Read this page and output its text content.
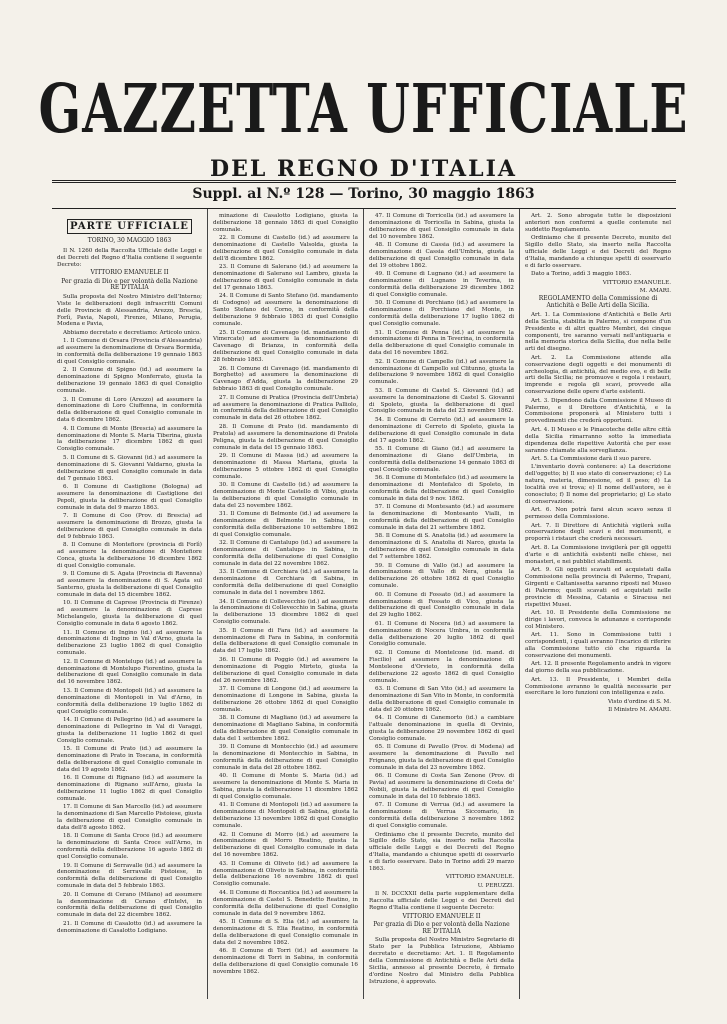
GAZZETTA UFFICIALE
DEL REGNO D'ITALIA
Suppl. al N.º 128 — Torino, 30 maggio 1863
PARTE UFFICIALE
TORINO, 30 MAGGIO 1863

Il N. 1260 della Raccolta Ufficiale delle Leggi e dei Decreti del Regno d'Italia contiene il seguente Decreto:

VITTORIO EMANUELE II

Per grazia di Dio e per volontà della Nazione RE D'ITALIA

Sulla proposta del Nostro Ministro dell'Interno; Viste le deliberazioni degli infrascritti Comuni delle Provincie di Alessandria, Arezzo, Brescia, Forlì, Pavia, Napoli, Firenze, Milano, Perugia, Modena e Pavia,

Abbiamo decretato e decretiamo: Articolo unico.

1. Il Comune di Orsara (Provincia d'Alessandria) ad assumere la denominazione di Orsara Bormida, in conformità della deliberazione 19 gennaio 1863 di quel Consiglio comunale.

2. Il Comune di Spigno (id.) ad assumere la denominazione di Spigno Monferrato, giusta la deliberazione 19 gennaio 1863 di quel Consiglio comunale.

3. Il Comune di Loro (Arezzo) ad assumere la denominazione di Loro Ciuffenna, in conformità della deliberazione di quel Consiglio comunale in data 6 dicembre 1862.

4. Il Comune di Monte (Brescia) ad assumere la denominazione di Monte S. Maria Tiberina, giusta la deliberazione 17 dicembre 1862 di quel Consiglio comunale.

5. Il Comune di S. Giovanni (id.) ad assumere la denominazione di S. Giovanni Valdarno, giusta la deliberazione di quel Consiglio comunale in data del 7 gennaio 1863.

6. Il Comune di Castiglione (Bologna) ad assumere la denominazione di Castiglione dei Pepoli, giusta la deliberazione di quel Consiglio comunale in data del 9 marzo 1863.

7. Il Comune di Coo (Prov. di Brescia) ad assumere la denominazione di Brozzo, giusta la deliberazione di quel Consiglio comunale in data del 9 febbraio 1863.

8. Il Comune di Montefiore (provincia di Forlì) ad assumere la denominazione di Montefiore Conca, giusta la deliberazione 16 dicembre 1862 di quel Consiglio comunale.

9. Il Comune di S. Agata (Provincia di Ravenna) ad assumere la denominazione di S. Agata sul Santerno, giusta la deliberazione di quel Consiglio comunale in data del 15 dicembre 1862.

10. Il Comune di Caprese (Provincia di Firenze) ad assumere la denominazione di Caprese Michelangelo, giusta la deliberazione di quel Consiglio comunale in data 6 agosto 1862.

11. Il Comune di Ingino (id.) ad assumere la denominazione di Ingino in Val d'Arno, giusta la deliberazione 23 luglio 1862 di quel Consiglio comunale.

12. Il Comune di Montelupo (id.) ad assumere la denominazione di Montelupo Fiorentino, giusta la deliberazione di quel Consiglio comunale in data del 16 novembre 1862.

13. Il Comune di Montopoli (id.) ad assumere la denominazione di Montopoli in Val d'Arno, in conformità della deliberazione 19 luglio 1862 di quel Consiglio comunale.

14. Il Comune di Pellegrino (id.) ad assumere la denominazione di Pellegrino in Val di Varaggi, giusta la deliberazione 11 luglio 1862 di quel Consiglio comunale.

15. Il Comune di Prato (id.) ad assumere la denominazione di Prato in Toscana, in conformità della deliberazione di quel Consiglio comunale in data del 19 agosto 1862.

16. Il Comune di Rignano (id.) ad assumere la denominazione di Rignano sull'Arno, giusta la deliberazione 11 luglio 1862 di quel Consiglio comunale.

17. Il Comune di San Marcello (id.) ad assumere la denominazione di San Marcello Pistoiese, giusta la deliberazione di quel Consiglio comunale in data dell'8 agosto 1862.

18. Il Comune di Santa Croce (id.) ad assumere la denominazione di Santa Croce sull'Arno, in conformità della deliberazione 16 agosto 1862 di quel Consiglio comunale.

19. Il Comune di Serravalle (id.) ad assumere la denominazione di Serravalle Pistoiese, in conformità della deliberazione di quel Consiglio comunale in data del 5 febbraio 1863.

20. Il Comune di Cerano (Milano) ad assumere la denominazione di Cerano d'Intelvi, in conformità della deliberazione di quel Consiglio comunale in data del 22 dicembre 1862.

21. Il Comune di Casalotto (id.) ad assumere la denominazione di Casalotto Lodigiano.

minazione di Casalotto Lodigiano, giusta la deliberazione 18 gennaio 1863 di quel Consiglio comunale.

22. Il Comune di Castello (id.) ad assumere la denominazione di Castello Valsolda, giusta la deliberazione di quel Consiglio comunale in data dell'8 dicembre 1862.

23. Il Comune di Salerano (id.) ad assumere la denominazione di Salerano sul Lambro, giusta la deliberazione di quel Consiglio comunale in data del 17 gennaio 1863.

24. Il Comune di Santo Stefano (id. mandamento di Codogno) ad assumere la denominazione di Santo Stefano del Corno, in conformità della deliberazione 9 febbraio 1863 di quel Consiglio comunale.

25. Il Comune di Cavenago (id. mandamento di Vimercate) ad assumere la denominazione di Cavenago di Brianza, in conformità della deliberazione di quel Consiglio comunale in data 28 febbraio 1863.

26. Il Comune di Cavenago (id. mandamento di Borghetto) ad assumere la denominazione di Cavenago d'Adda, giusta la deliberazione 29 febbraio 1863 di quel Consiglio comunale.

27. Il Comune di Pratica (Provincia dell'Umbria) ad assumere la denominazione di Pratica Palliolo, in conformità della deliberazione di quel Consiglio comunale in data del 26 ottobre 1862.

28. Il Comune di Prato (id. mandamento di Pratola) ad assumere la denominazione di Pratola Peligna, giusta la deliberazione di quel Consiglio comunale in data del 15 gennaio 1863.

29. Il Comune di Massa (id.) ad assumere la denominazione di Massa Martana, giusta la deliberazione 5 ottobre 1862 di quel Consiglio comunale.

30. Il Comune di Castello (id.) ad assumere la denominazione di Monte Castello di Vibio, giusta la deliberazione di quel Consiglio comunale in data del 23 novembre 1862.

31. Il Comune di Belmonte (id.) ad assumere la denominazione di Belmonte in Sabina, in conformità della deliberazione 10 settembre 1862 di quel Consiglio comunale.

32. Il Comune di Cantalupo (id.) ad assumere la denominazione di Cantalupo in Sabina, in conformità della deliberazione di quel Consiglio comunale in data del 22 novembre 1862.

33. Il Comune di Cerchiara (id.) ad assumere la denominazione di Cerchiara di Sabina, in conformità della deliberazione di quel Consiglio comunale in data del 1 novembre 1862.

34. Il Comune di Collevecchio (id.) ad assumere la denominazione di Collevecchio in Sabina, giusta la deliberazione 15 dicembre 1862 di quel Consiglio comunale.

35. Il Comune di Fara (id.) ad assumere la denominazione di Fara in Sabina, in conformità della deliberazione di quel Consiglio comunale in data del 17 luglio 1862.

36. Il Comune di Poggio (id.) ad assumere la denominazione di Poggio Mirteto, giusta la deliberazione di quel Consiglio comunale in data del 26 novembre 1862.

37. Il Comune di Longone (id.) ad assumere la denominazione di Longone in Sabina, giusta la deliberazione 26 ottobre 1862 di quel Consiglio comunale.

38. Il Comune di Magliano (id.) ad assumere la denominazione di Magliano Sabina, in conformità della deliberazione di quel Consiglio comunale in data del 1 settembre 1862.

39. Il Comune di Montecchio (id.) ad assumere la denominazione di Montecchio in Sabina, in conformità della deliberazione di quel Consiglio comunale in data del 28 ottobre 1862.

40. Il Comune di Monte S. Maria (id.) ad assumere la denominazione di Monte S. Maria in Sabina, giusta la deliberazione 11 dicembre 1862 di quel Consiglio comunale.

41. Il Comune di Montopoli (id.) ad assumere la denominazione di Montopoli di Sabina, giusta la deliberazione 13 novembre 1862 di quel Consiglio comunale.

42. Il Comune di Morro (id.) ad assumere la denominazione di Morro Reatino, giusta la deliberazione di quel Consiglio comunale in data del 16 novembre 1862.

43. Il Comune di Oliveto (id.) ad assumere la denominazione di Oliveto in Sabina, in conformità della deliberazione 16 novembre 1862 di quel Consiglio comunale.

44. Il Comune di Roccantica (id.) ad assumere la denominazione di Castel S. Benedetto Reatino, in conformità della deliberazione di quel Consiglio comunale in data del 9 novembre 1862.

45. Il Comune di S. Elia (id.) ad assumere la denominazione di S. Elia Reatino, in conformità della deliberazione di quel Consiglio comunale in data del 2 novembre 1862.

46. Il Comune di Torri (id.) ad assumere la denominazione di Torri in Sabina, in conformità della deliberazione di quel Consiglio comunale 16 novembre 1862.

47. Il Comune di Torricella (id.) ad assumere la denominazione di Torricella in Sabina, giusta la deliberazione di quel Consiglio comunale in data del 10 novembre 1862.

48. Il Comune di Cassia (id.) ad assumere la denominazione di Cassia dell'Umbria, giusta la deliberazione di quel Consiglio comunale in data del 19 ottobre 1862.

49. Il Comune di Lugnano (id.) ad assumere la denominazione di Lugnano in Teverina, in conformità della deliberazione 29 dicembre 1862 di quel Consiglio comunale.

50. Il Comune di Porchiano (id.) ad assumere la denominazione di Porchiano del Monte, in conformità della deliberazione 17 luglio 1862 di quel Consiglio comunale.

51. Il Comune di Penna (id.) ad assumere la denominazione di Penna in Teverina, in conformità della deliberazione di quel Consiglio comunale in data del 16 novembre 1862.

52. Il Comune di Campello (id.) ad assumere la denominazione di Campello sul Clitunno, giusta la deliberazione 9 novembre 1862 di quel Consiglio comunale.

53. Il Comune di Castel S. Giovanni (id.) ad assumere la denominazione di Castel S. Giovanni di Spoleto, giusta la deliberazione di quel Consiglio comunale in data del 23 novembre 1862.

54. Il Comune di Cerreto (id.) ad assumere la denominazione di Cerreto di Spoleto, giusta la deliberazione di quel Consiglio comunale in data del 17 agosto 1862.

55. Il Comune di Giano (id.) ad assumere la denominazione di Giano dell'Umbria, in conformità della deliberazione 14 gennaio 1863 di quel Consiglio comunale.

56. Il Comune di Montefalco (id.) ad assumere la denominazione di Montefalco di Spoleto, in conformità della deliberazione di quel Consiglio comunale in data del 9 nov. 1862.

57. Il Comune di Montesanto (id.) ad assumere la denominazione di Montesanto Vialli, in conformità della deliberazione di quel Consiglio comunale in data del 21 settembre 1862.

58. Il Comune di S. Anatolia (id.) ad assumere la denominazione di S. Anatolia di Narco, giusta la deliberazione di quel Consiglio comunale in data del 7 settembre 1862.

59. Il Comune di Vallo (id.) ad assumere la denominazione di Vallo di Nera, giusta la deliberazione 26 ottobre 1862 di quel Consiglio comunale.

60. Il Comune di Fossato (id.) ad assumere la denominazione di Fossato di Vico, giusta la deliberazione di quel Consiglio comunale in data del 29 luglio 1862.

61. Il Comune di Nocera (id.) ad assumere la denominazione di Nocera Umbra, in conformità della deliberazione 20 luglio 1862 di quel Consiglio comunale.

62. Il Comune di Montelcone (id. mand. di Fiscilio) ad assumere la denominazione di Monteleone d'Orvieto, in conformità della deliberazione 22 agosto 1862 di quel Consiglio comunale.

63. Il Comune di San Vito (id.) ad assumere la denominazione di San Vito in Monte, in conformità della deliberazione di quel Consiglio comunale in data del 20 ottobre 1862.

64. Il Comune di Canemorto (id.) a cambiare l'attuale denominazione in quella di Orvinio, giusta la deliberazione 29 novembre 1862 di quel Consiglio comunale.

65. Il Comune di Pavullo (Prov. di Modena) ad assumere la denominazione di Pavullo nel Frignano, giusta la deliberazione di quel Consiglio comunale in data del 23 novembre 1862.

66. Il Comune di Costa San Zenone (Prov. di Pavia) ad assumere la denominazione di Costa de' Nobili, giusta la deliberazione di quel Consiglio comunale in data del 10 febbraio 1863.

67. Il Comune di Verrua (id.) ad assumere la denominazione di Verrua Siccomario, in conformità della deliberazione 3 novembre 1862 di quel Consiglio comunale.

Ordiniamo che il presente Decreto, munito del Sigillo dello Stato, sia inserto nella Raccolta ufficiale delle Leggi e dei Decreti del Regno d'Italia, mandando a chiunque spetti di osservarlo e di farlo osservare. Dato in Torino addì 29 marzo 1863.

VITTORIO EMANUELE.

U. PERUZZI.

Il N. DCCXXII della parte supplementare della Raccolta ufficiale delle Leggi e dei Decreti del Regno d'Italia contiene il seguente Decreto:

VITTORIO EMANUELE II

Per grazia di Dio e per volontà della Nazione RE D'ITALIA

Sulla proposta del Nostro Ministro Segretario di Stato per la Pubblica Istruzione, Abbiamo decretato e decretiamo: Art. 1. Il Regolamento della Commissione di Antichità e Belle Arti della Sicilia, annesso al presente Decreto, è firmato d'ordine Nostro dal Ministro della Pubblica Istruzione, è approvato.

Art. 2. Sono abrogate tutte le disposizioni anteriori non conformi a quelle contenute nel suddetto Regolamento.

Ordiniamo che il presente Decreto, munito del Sigillo dello Stato, sia inserto nella Raccolta ufficiale delle Leggi e dei Decreti del Regno d'Italia, mandando a chiunque spetti di osservarlo e di farlo osservare.

Dato a Torino, addì 3 maggio 1863.

VITTORIO EMANUELE.

M. AMARI.

REGOLAMENTO della Commissione di Antichità e Belle Arti della Sicilia.

Art. 1. La Commissione d'Antichità e Belle Arti della Sicilia, stabilita in Palermo, si compone d'un Presidente e di altri quattro Membri, dei cinque componenti, tre saranno versati nell'antiquaria e nella memoria storica della Sicilia, due nella belle arti del disegno.

Art. 2. La Commissione attende alla conservazione degli oggetti e dei monumenti di archeologia, di antichità, del medio evo, e di belle arti della Sicilia; ne promuove e regola i restauri, imprende e regola gli scavi, provvede alla conservazione delle opere d'arte esistenti.

Art. 3. Dipendono dalla Commissione il Museo di Palermo, e il Direttore d'Antichità, e la Commissione proponerà al Ministero tutti i provvedimenti che crederà opportuni.

Art. 4. Il Museo e le Pinacoteche delle altre città della Sicilia rimarranno sotto la immediata dipendenza delle rispettive Autorità che per esse saranno chiamate alla sorveglianza.

Art. 5. La Commissione darà il suo parere.

L'inventario dovrà contenere: a) La descrizione dell'oggetto; b) Il suo stato di conservazione; c) La natura, materia, dimensione, ed il peso; d) La località ove si trova; e) Il nome dell'autore, se è conosciuto; f) Il nome del proprietario; g) Lo stato di conservazione.

Art. 6. Non potrà farsi alcun scavo senza il permesso della Commissione.

Art. 7. Il Direttore di Antichità vigilerà sulla conservazione degli scavi e dei monumenti, e proporrà i ristauri che crederà necessari.

Art. 8. La Commissione invigilerà per gli oggetti d'arte e di antichità esistenti nelle chiese, nei monasteri, e nei pubblici stabilimenti.

Art. 9. Gli oggetti scavati ed acquistati dalla Commissione nella provincia di Palermo, Trapani, Girgenti e Caltanissetta saranno riposti nel Museo di Palermo; quelli scavati ed acquistati nelle provincie di Messina, Catania e Siracusa nei rispettivi Musei.

Art. 10. Il Presidente della Commissione ne dirige i lavori, convoca le adunanze e corrisponde col Ministero.

Art. 11. Sono in Commissione tutti i corrispondenti, i quali avranno l'incarico di riferire alla Commissione tutto ciò che riguarda la conservazione dei monumenti.

Art. 12. Il presente Regolamento andrà in vigore dal giorno della sua pubblicazione.

Art. 13. Il Presidente, i Membri della Commissione avranno le qualità necessarie per esercitare le loro funzioni con intelligenza e zelo.

Visto d'ordine di S. M.

Il Ministro M. AMARI.
